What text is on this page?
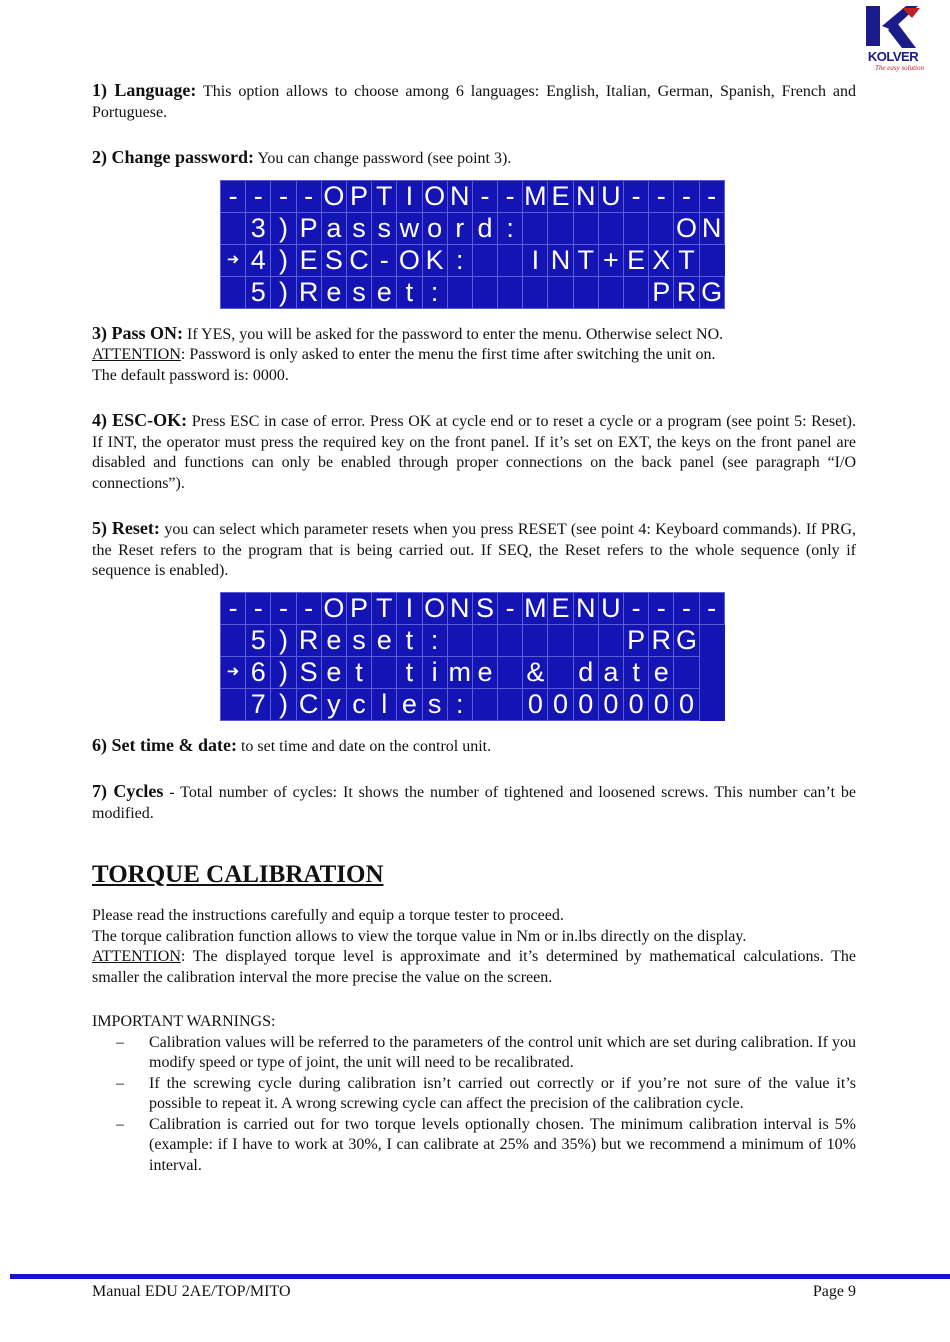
KOLVER
The easy solution

1) Language: This option allows to choose among 6 languages: English, Italian, German, Spanish, French and Portuguese.

2) Change password: You can change password (see point 3).

-	-	-	-	O	P	T	I	O	N	-	-	M	E	N	U	-	-	-	-
	3	)	P	a	s	s	w	o	r	d	:							O	N
➜	4	)	E	S	C	-	O	K	:			I	N	T	+	E	X	T	
	5	)	R	e	s	e	t	:									P	R	G

3) Pass ON: If YES, you will be asked for the password to enter the menu. Otherwise select NO.

ATTENTION: Password is only asked to enter the menu the first time after switching the unit on.

The default password is: 0000.

4) ESC-OK: Press ESC in case of error. Press OK at cycle end or to reset a cycle or a program (see point 5: Reset). If INT, the operator must press the required key on the front panel. If it’s set on EXT, the keys on the front panel are disabled and functions can only be enabled through proper connections on the back panel (see paragraph “I/O connections”).

5) Reset: you can select which parameter resets when you press RESET (see point 4: Keyboard commands). If PRG, the Reset refers to the program that is being carried out. If SEQ, the Reset refers to the whole sequence (only if sequence is enabled).

-	-	-	-	O	P	T	I	O	N	S	-	M	E	N	U	-	-	-	-
	5	)	R	e	s	e	t	:								P	R	G	
➜	6	)	S	e	t		t	i	m	e		&		d	a	t	e		
	7	)	C	y	c	l	e	s	:			0	0	0	0	0	0	0	

6) Set time & date: to set time and date on the control unit.

7) Cycles - Total number of cycles: It shows the number of tightened and loosened screws. This number can’t be modified.

TORQUE CALIBRATION

Please read the instructions carefully and equip a torque tester to proceed.

The torque calibration function allows to view the torque value in Nm or in.lbs directly on the display.

ATTENTION: The displayed torque level is approximate and it’s determined by mathematical calculations. The smaller the calibration interval the more precise the value on the screen.

IMPORTANT WARNINGS:

– Calibration values will be referred to the parameters of the control unit which are set during calibration. If you modify speed or type of joint, the unit will need to be recalibrated.
– If the screwing cycle during calibration isn’t carried out correctly or if you’re not sure of the value it’s possible to repeat it. A wrong screwing cycle can affect the precision of the calibration cycle.
– Calibration is carried out for two torque levels optionally chosen. The minimum calibration interval is 5% (example: if I have to work at 30%, I can calibrate at 25% and 35%) but we recommend a minimum of 10% interval.
Manual EDU 2AE/TOP/MITO	Page 9
